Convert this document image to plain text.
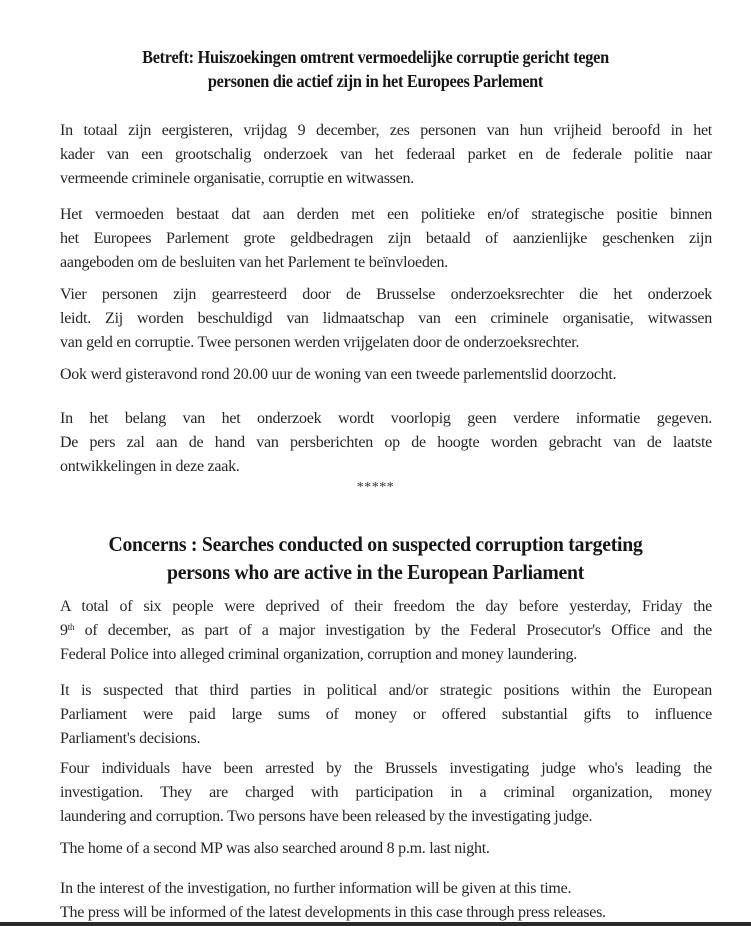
Betreft: Huiszoekingen omtrent vermoedelijke corruptie gericht tegen
personen die actief zijn in het Europees Parlement

In totaal zijn eergisteren, vrijdag 9 december, zes personen van hun vrijheid beroofd in het
kader van een grootschalig onderzoek van het federaal parket en de federale politie naar
vermeende criminele organisatie, corruptie en witwassen.

Het vermoeden bestaat dat aan derden met een politieke en/of strategische positie binnen
het Europees Parlement grote geldbedragen zijn betaald of aanzienlijke geschenken zijn
aangeboden om de besluiten van het Parlement te beïnvloeden.

Vier personen zijn gearresteerd door de Brusselse onderzoeksrechter die het onderzoek
leidt. Zij worden beschuldigd van lidmaatschap van een criminele organisatie, witwassen
van geld en corruptie. Twee personen werden vrijgelaten door de onderzoeksrechter.

Ook werd gisteravond rond 20.00 uur de woning van een tweede parlementslid doorzocht.

In het belang van het onderzoek wordt voorlopig geen verdere informatie gegeven.
De pers zal aan de hand van persberichten op de hoogte worden gebracht van de laatste
ontwikkelingen in deze zaak.

*****
Concerns : Searches conducted on suspected corruption targeting
persons who are active in the European Parliament

A total of six people were deprived of their freedom the day before yesterday, Friday the
9th of december, as part of a major investigation by the Federal Prosecutor's Office and the
Federal Police into alleged criminal organization, corruption and money laundering.

It is suspected that third parties in political and/or strategic positions within the European
Parliament were paid large sums of money or offered substantial gifts to influence
Parliament's decisions.

Four individuals have been arrested by the Brussels investigating judge who's leading the
investigation. They are charged with participation in a criminal organization, money
laundering and corruption. Two persons have been released by the investigating judge.

The home of a second MP was also searched around 8 p.m. last night.

In the interest of the investigation, no further information will be given at this time.
The press will be informed of the latest developments in this case through press releases.
